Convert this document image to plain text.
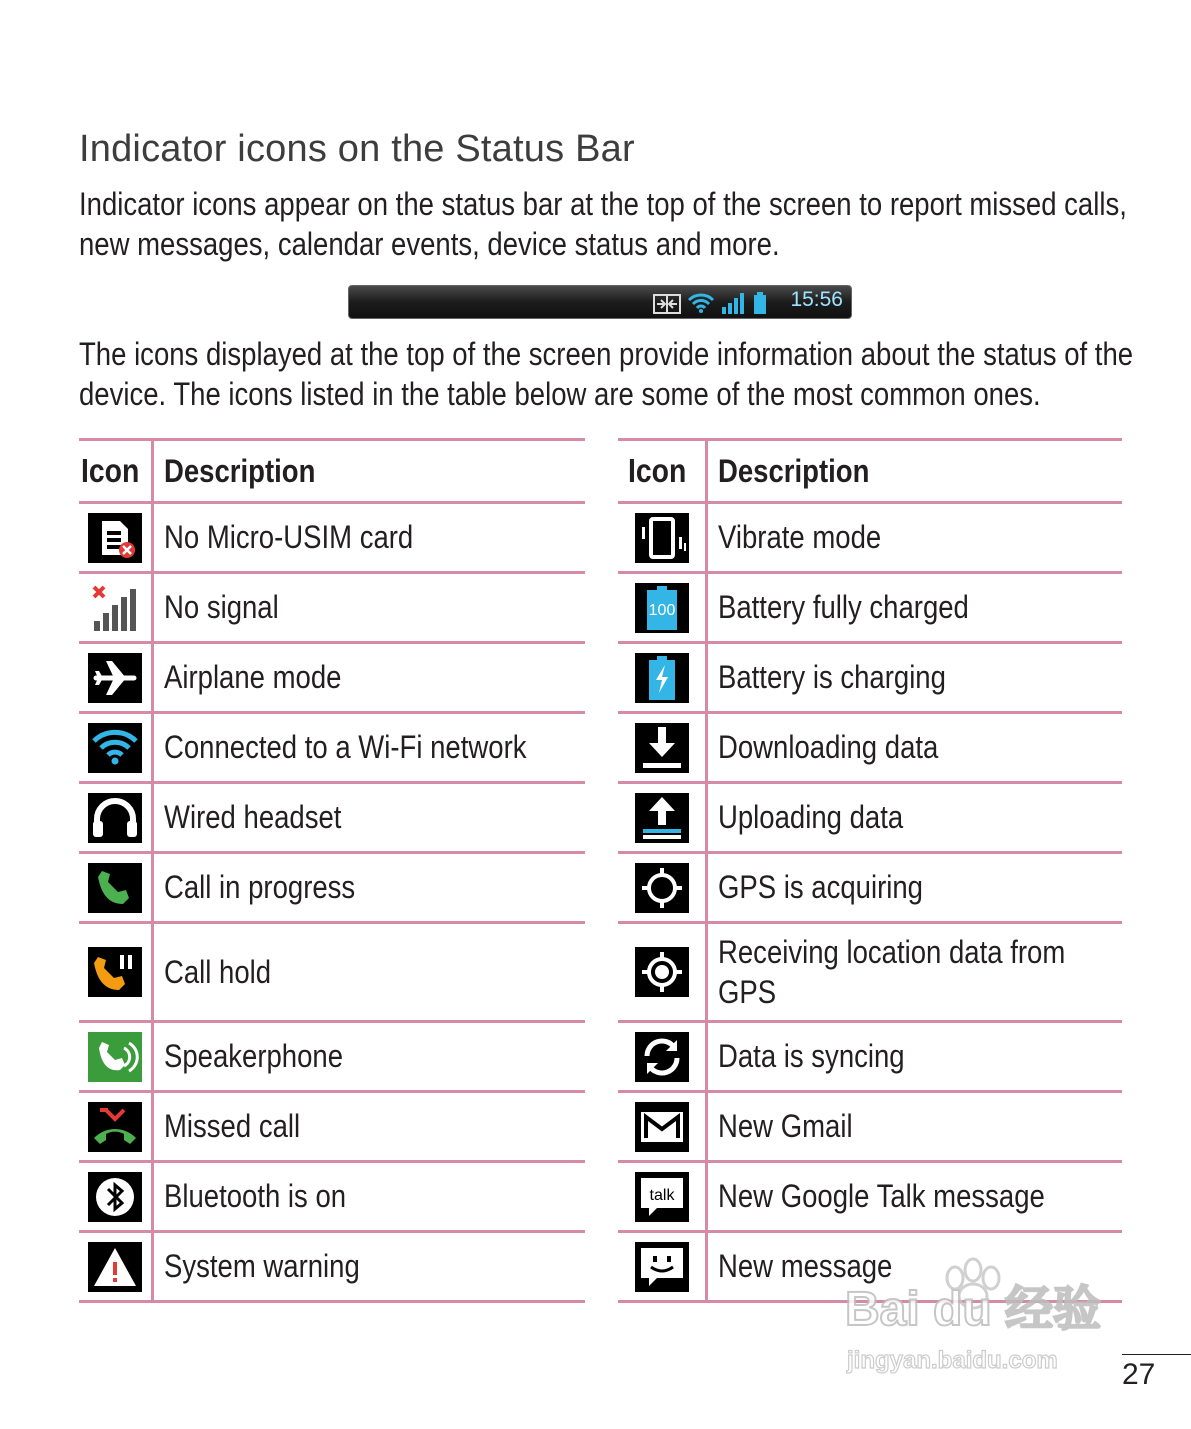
Indicator icons on the Status Bar
Indicator icons appear on the status bar at the top of the screen to report missed calls,
new messages, calendar events, device status and more.
15:56
The icons displayed at the top of the screen provide information about the status of the
device. The icons listed in the table below are some of the most common ones.
Icon	Description

	No Micro-USIM card

	No signal

	Airplane mode

	Connected to a Wi-Fi network

	Wired headset

	Call in progress

	Call hold

	Speakerphone

	Missed call

	Bluetooth is on

	System warning
Icon	Description

	Vibrate mode

100	Battery fully charged

	Battery is charging

	Downloading data

	Uploading data

	GPS is acquiring

	Receiving location data from
GPS

	Data is syncing

	New Gmail

talk	New Google Talk message

	New message
Bai du 经验
jingyan.baidu.com 27
